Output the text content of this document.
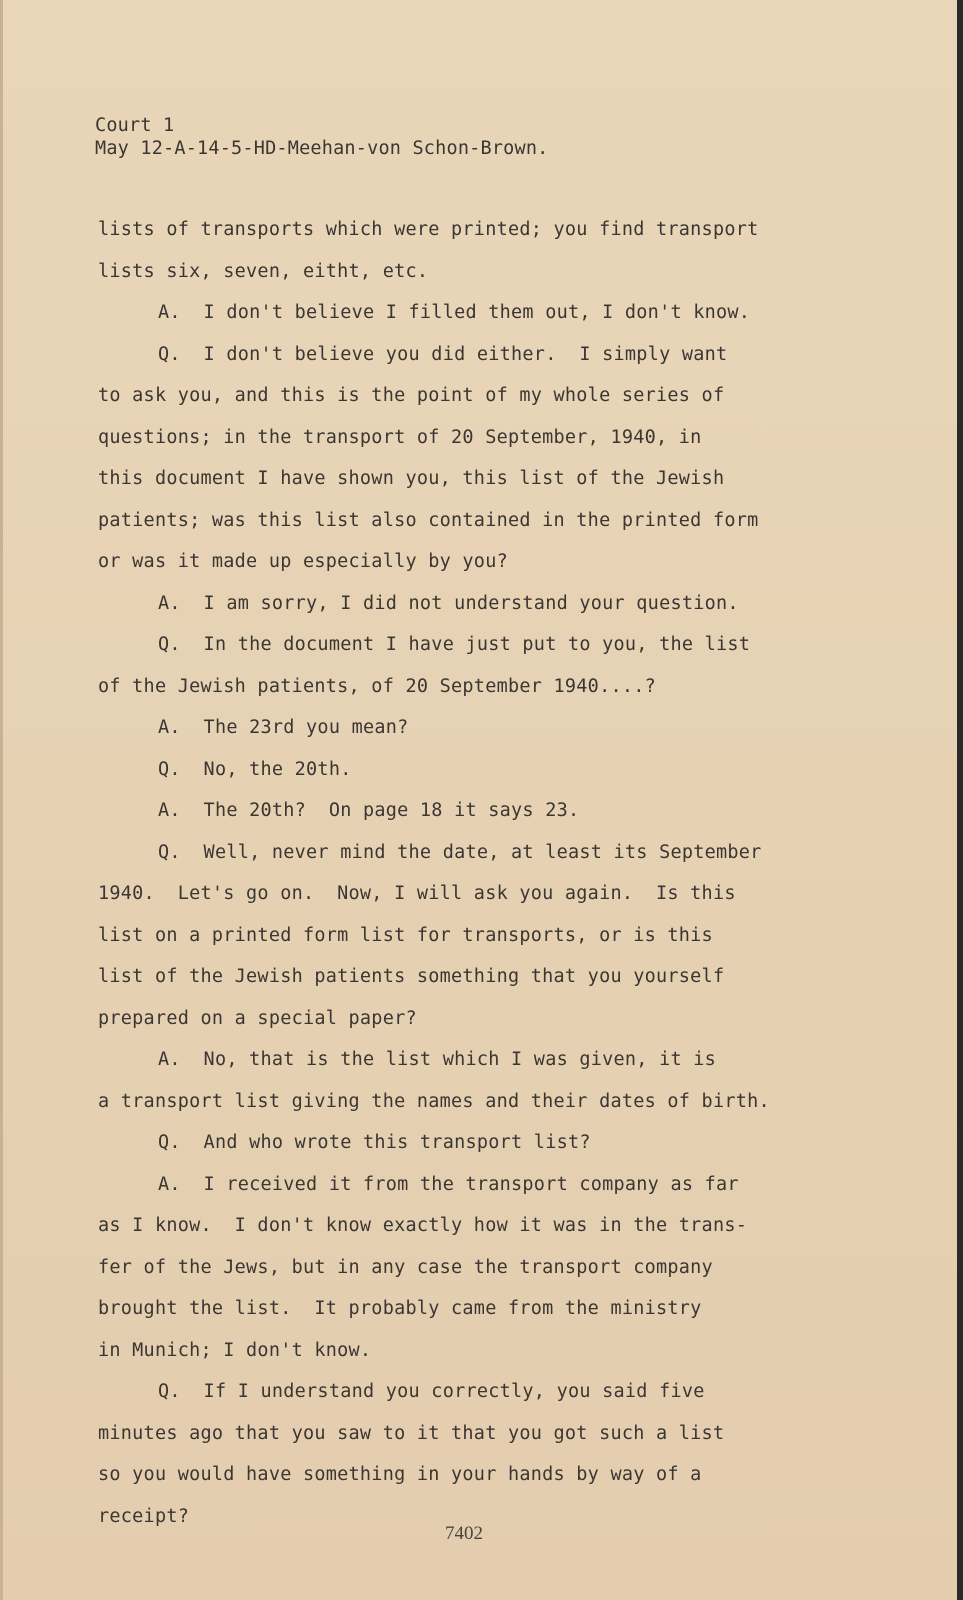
Court 1
May 12-A-14-5-HD-Meehan-von Schon-Brown.
lists of transports which were printed; you find transport
lists six, seven, eitht, etc.
A.  I don't believe I filled them out, I don't know.
Q.  I don't believe you did either.  I simply want
to ask you, and this is the point of my whole series of
questions; in the transport of 20 September, 1940, in
this document I have shown you, this list of the Jewish
patients; was this list also contained in the printed form
or was it made up especially by you?
A.  I am sorry, I did not understand your question.
Q.  In the document I have just put to you, the list
of the Jewish patients, of 20 September 1940....?
A.  The 23rd you mean?
Q.  No, the 20th.
A.  The 20th?  On page 18 it says 23.
Q.  Well, never mind the date, at least its September
1940.  Let's go on.  Now, I will ask you again.  Is this
list on a printed form list for transports, or is this
list of the Jewish patients something that you yourself
prepared on a special paper?
A.  No, that is the list which I was given, it is
a transport list giving the names and their dates of birth.
Q.  And who wrote this transport list?
A.  I received it from the transport company as far
as I know.  I don't know exactly how it was in the trans-
fer of the Jews, but in any case the transport company
brought the list.  It probably came from the ministry
in Munich; I don't know.
Q.  If I understand you correctly, you said five
minutes ago that you saw to it that you got such a list
so you would have something in your hands by way of a
receipt?
7402
